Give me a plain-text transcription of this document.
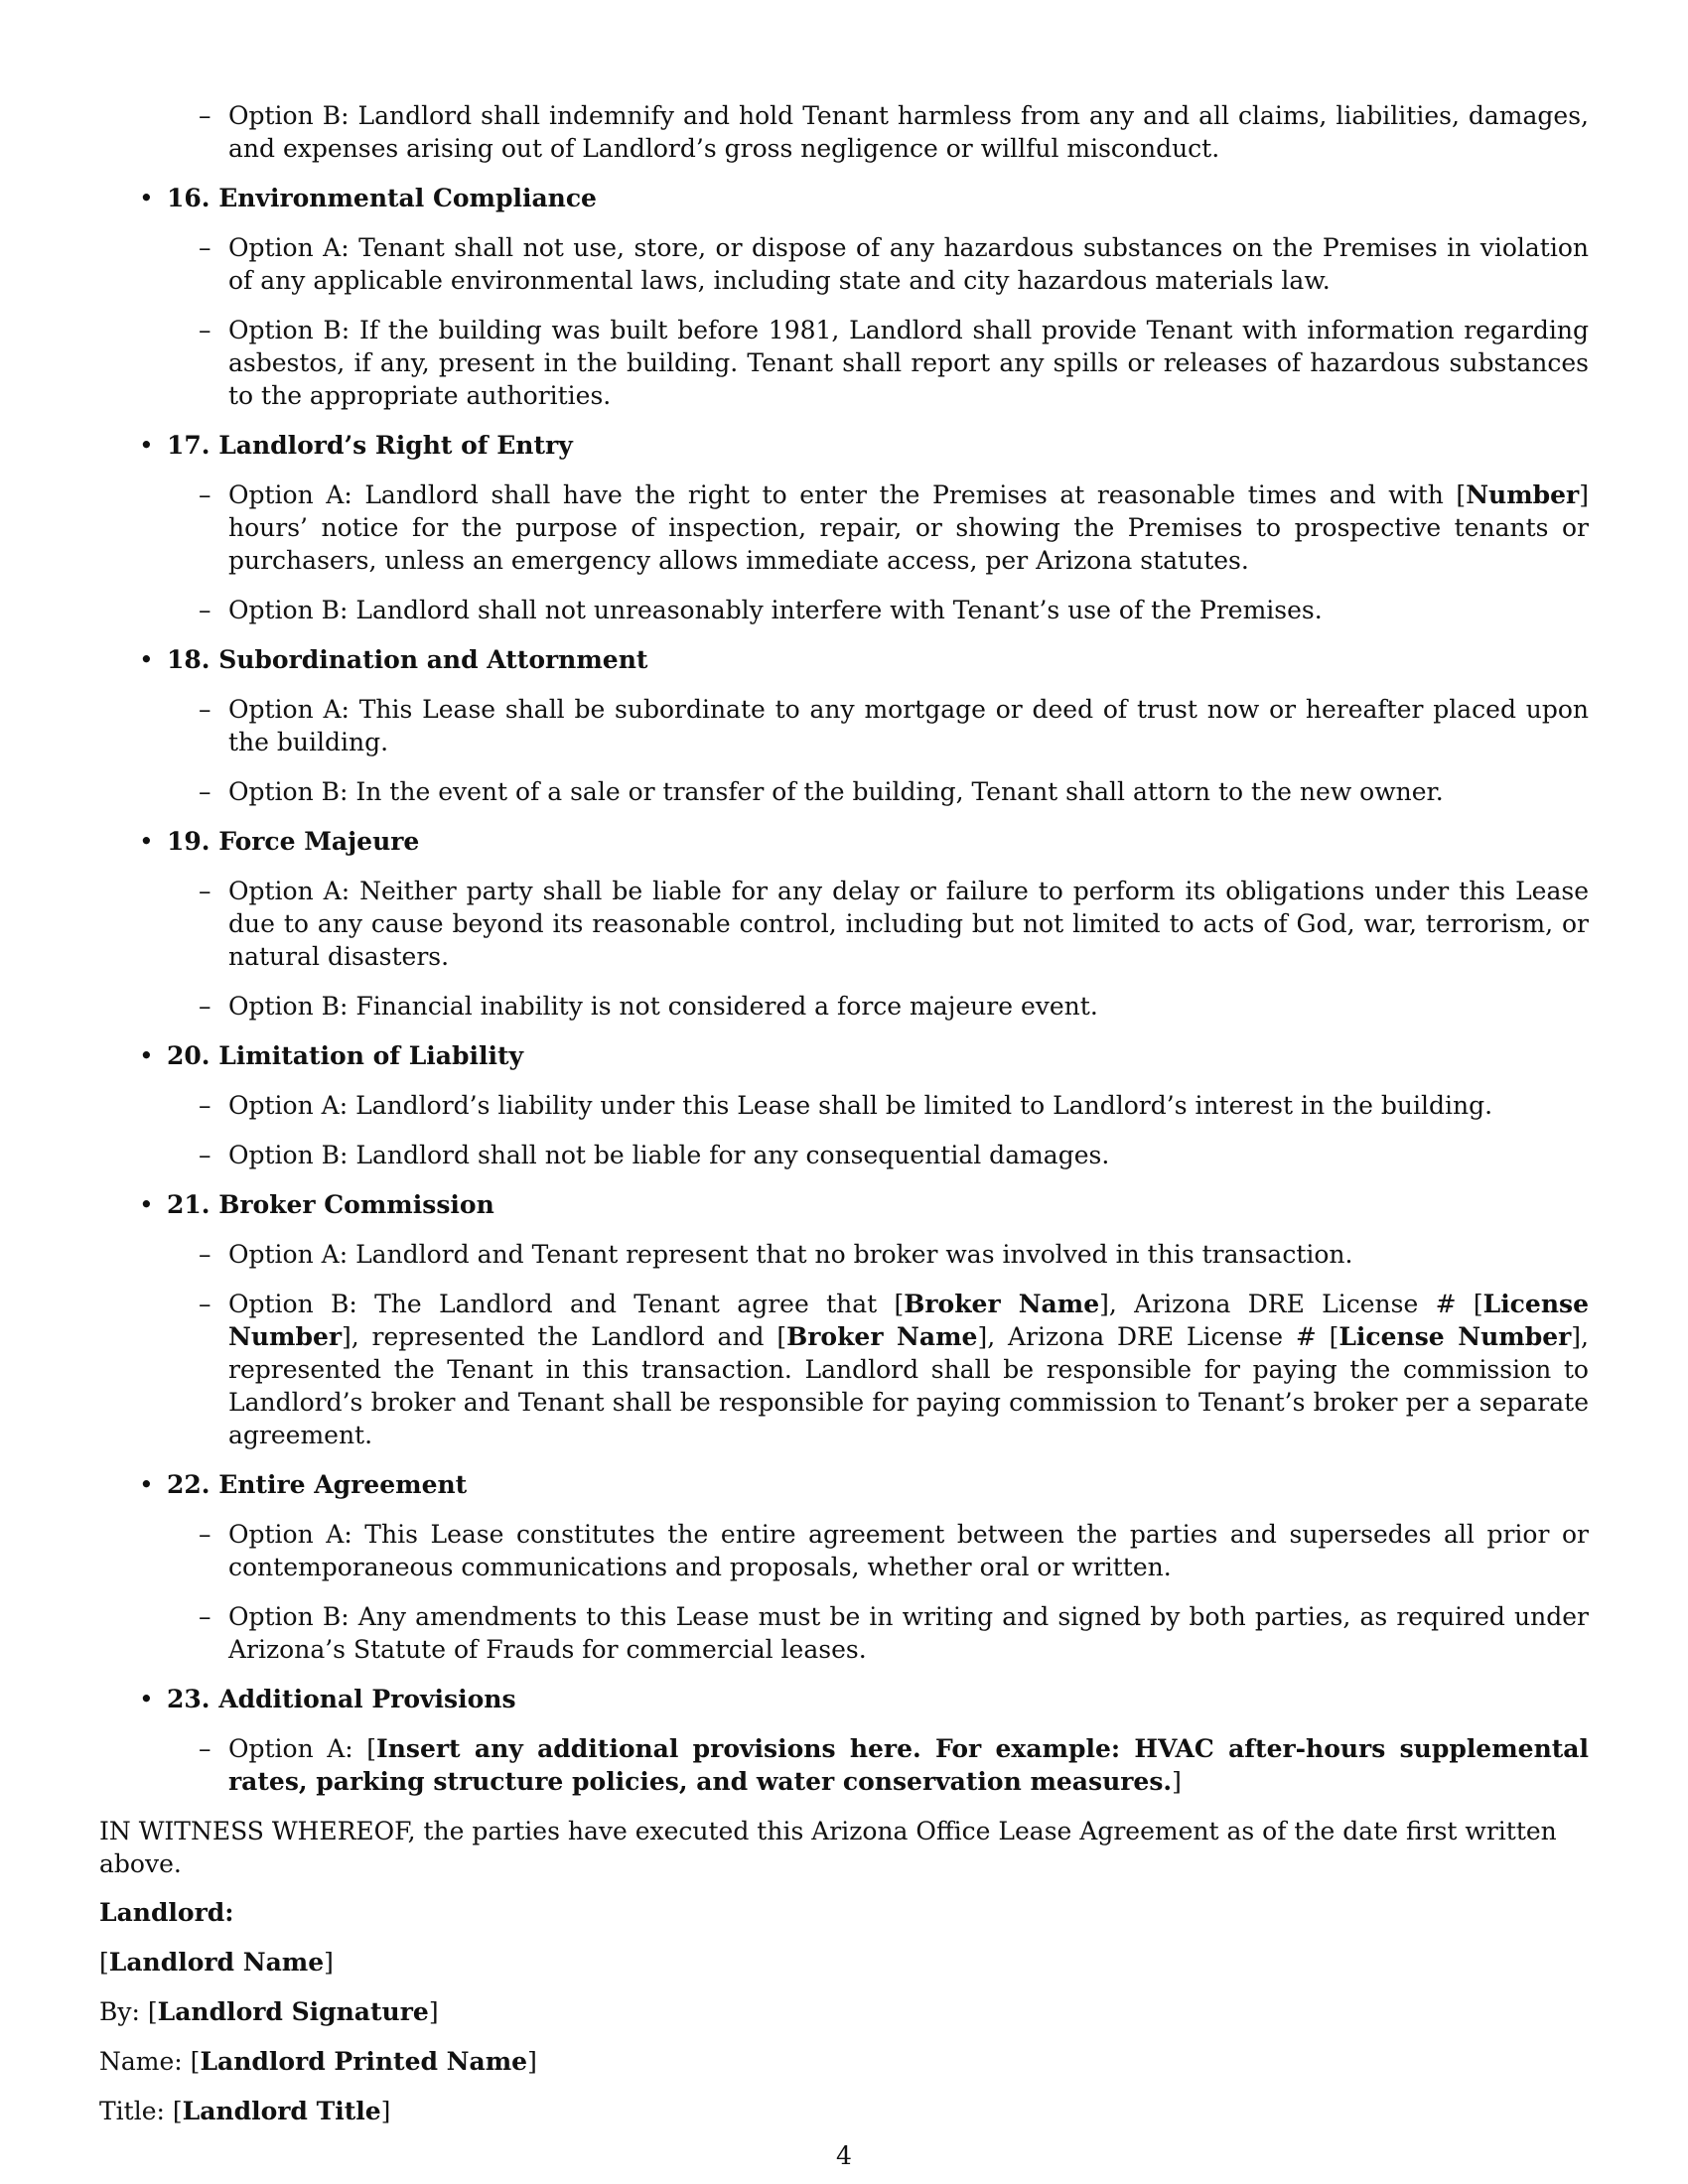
– Option B: Landlord shall indemnify and hold Tenant harmless from any and all claims, liabilities, damages, and expenses arising out of Landlord’s gross negligence or willful misconduct.
• 16. Environmental Compliance
– Option A: Tenant shall not use, store, or dispose of any hazardous substances on the Premises in violation of any applicable environmental laws, including state and city hazardous materials law.
– Option B: If the building was built before 1981, Landlord shall provide Tenant with information regarding asbestos, if any, present in the building. Tenant shall report any spills or releases of hazardous substances to the appropriate authorities.
• 17. Landlord’s Right of Entry
– Option A: Landlord shall have the right to enter the Premises at reasonable times and with [Number] hours’ notice for the purpose of inspection, repair, or showing the Premises to prospective tenants or purchasers, unless an emergency allows immediate access, per Arizona statutes.
– Option B: Landlord shall not unreasonably interfere with Tenant’s use of the Premises.
• 18. Subordination and Attornment
– Option A: This Lease shall be subordinate to any mortgage or deed of trust now or hereafter placed upon the building.
– Option B: In the event of a sale or transfer of the building, Tenant shall attorn to the new owner.
• 19. Force Majeure
– Option A: Neither party shall be liable for any delay or failure to perform its obligations under this Lease due to any cause beyond its reasonable control, including but not limited to acts of God, war, terrorism, or natural disasters.
– Option B: Financial inability is not considered a force majeure event.
• 20. Limitation of Liability
– Option A: Landlord’s liability under this Lease shall be limited to Landlord’s interest in the building.
– Option B: Landlord shall not be liable for any consequential damages.
• 21. Broker Commission
– Option A: Landlord and Tenant represent that no broker was involved in this transaction.
– Option B: The Landlord and Tenant agree that [Broker Name], Arizona DRE License # [License Number], represented the Landlord and [Broker Name], Arizona DRE License # [License Number], represented the Tenant in this transaction. Landlord shall be responsible for paying the commission to Landlord’s broker and Tenant shall be responsible for paying commission to Tenant’s broker per a separate agreement.
• 22. Entire Agreement
– Option A: This Lease constitutes the entire agreement between the parties and supersedes all prior or contemporaneous communications and proposals, whether oral or written.
– Option B: Any amendments to this Lease must be in writing and signed by both parties, as required under Arizona’s Statute of Frauds for commercial leases.
• 23. Additional Provisions
– Option A: [Insert any additional provisions here. For example: HVAC after-hours supplemental rates, parking structure policies, and water conservation measures.]
IN WITNESS WHEREOF, the parties have executed this Arizona Office Lease Agreement as of the date first written above.
Landlord:
[Landlord Name]
By: [Landlord Signature]
Name: [Landlord Printed Name]
Title: [Landlord Title]
4
